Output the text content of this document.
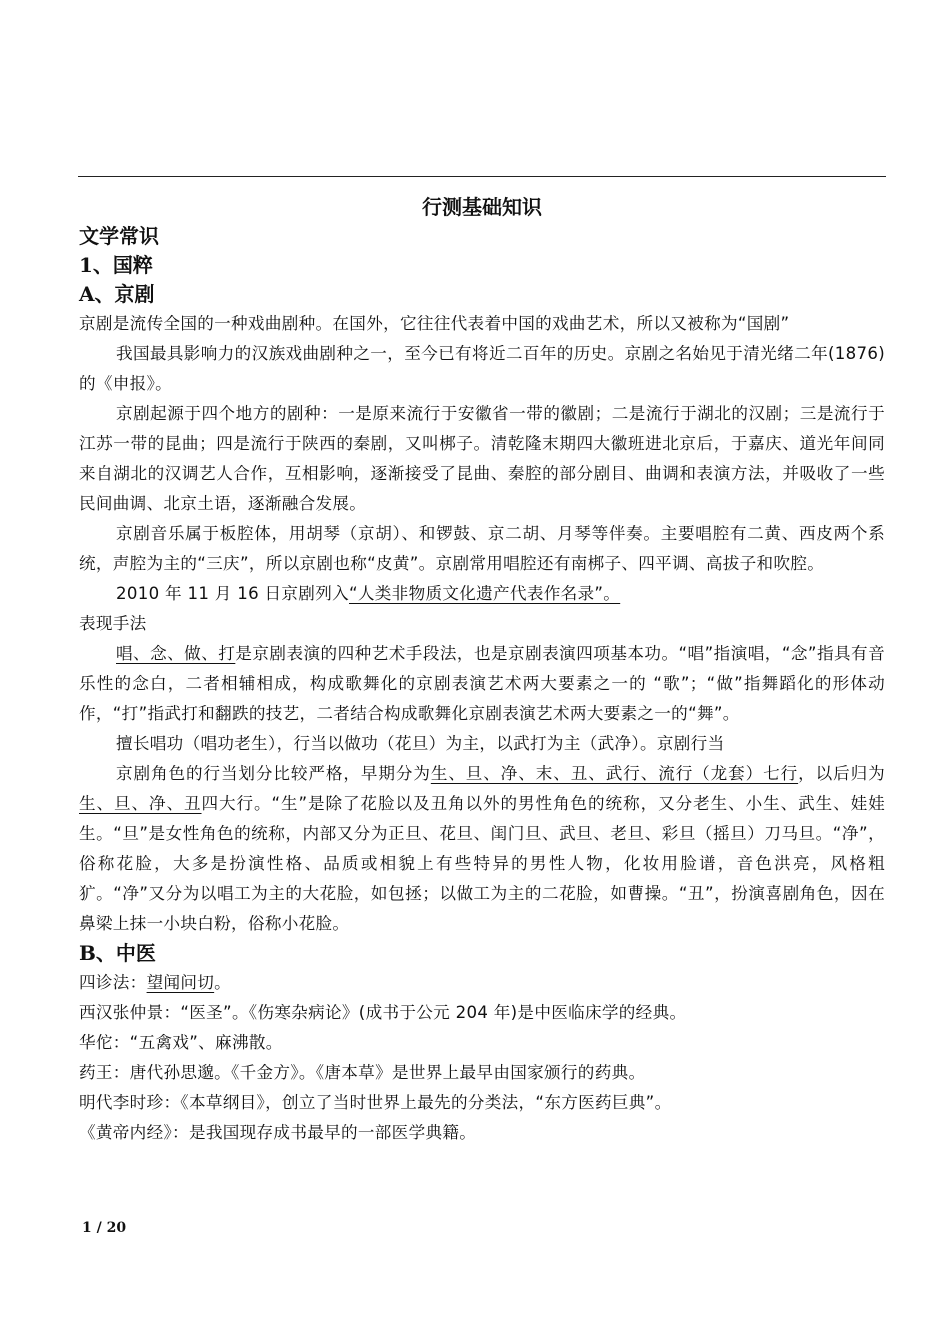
行测基础知识
文学常识
1、国粹
A、京剧

京剧是流传全国的一种戏曲剧种。在国外，它往往代表着中国的戏曲艺术，所以又被称为“国剧”

我国最具影响力的汉族戏曲剧种之一，至今已有将近二百年的历史。京剧之名始见于清光绪二年(1876)的《申报》。

京剧起源于四个地方的剧种：一是原来流行于安徽省一带的徽剧；二是流行于湖北的汉剧；三是流行于江苏一带的昆曲；四是流行于陕西的秦剧，又叫梆子。清乾隆末期四大徽班进北京后，于嘉庆、道光年间同来自湖北的汉调艺人合作，互相影响，逐渐接受了昆曲、秦腔的部分剧目、曲调和表演方法，并吸收了一些民间曲调、北京土语，逐渐融合发展。

京剧音乐属于板腔体，用胡琴（京胡）、和锣鼓、京二胡、月琴等伴奏。主要唱腔有二黄、西皮两个系统，声腔为主的“三庆”，所以京剧也称“皮黄”。京剧常用唱腔还有南梆子、四平调、高拔子和吹腔。

2010 年 11 月 16 日京剧列入“人类非物质文化遗产代表作名录”。

表现手法

唱、念、做、打是京剧表演的四种艺术手段法，也是京剧表演四项基本功。“唱”指演唱，“念”指具有音乐性的念白，二者相辅相成，构成歌舞化的京剧表演艺术两大要素之一的 “歌”；“做”指舞蹈化的形体动作，“打”指武打和翻跌的技艺，二者结合构成歌舞化京剧表演艺术两大要素之一的“舞”。

擅长唱功（唱功老生），行当以做功（花旦）为主，以武打为主（武净）。京剧行当

京剧角色的行当划分比较严格，早期分为生、旦、净、末、丑、武行、流行（龙套）七行，以后归为生、旦、净、丑四大行。“生”是除了花脸以及丑角以外的男性角色的统称，又分老生、小生、武生、娃娃生。“旦”是女性角色的统称，内部又分为正旦、花旦、闺门旦、武旦、老旦、彩旦（摇旦）刀马旦。“净”，俗称花脸，大多是扮演性格、品质或相貌上有些特异的男性人物，化妆用脸谱，音色洪亮，风格粗犷。“净”又分为以唱工为主的大花脸，如包拯；以做工为主的二花脸，如曹操。“丑”，扮演喜剧角色，因在鼻梁上抹一小块白粉，俗称小花脸。

B、中医

四诊法：望闻问切。

西汉张仲景：“医圣”。《伤寒杂病论》(成书于公元 204 年)是中医临床学的经典。

华佗：“五禽戏”、麻沸散。

药王：唐代孙思邈。《千金方》。《唐本草》是世界上最早由国家颁行的药典。

明代李时珍：《本草纲目》，创立了当时世界上最先的分类法，“东方医药巨典”。

《黄帝内经》：是我国现存成书最早的一部医学典籍。

1 / 20
